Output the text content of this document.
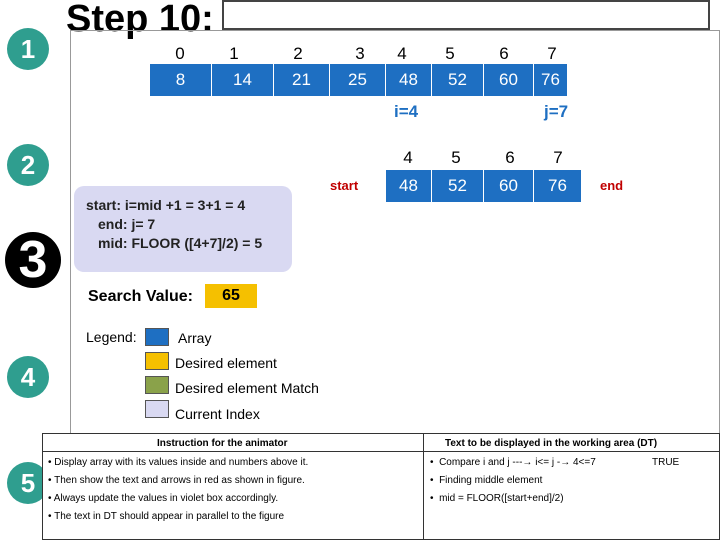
1
2
3
4
5
Step 10:
0	1	2	3	4	5	6	7
8	14	21	25	48	52	60	76
i=4	j=7
4	5	6	7
start	48	52	60	76	end
start: i=mid +1 = 3+1 = 4
end: j= 7
mid: FLOOR ([4+7]/2) = 5
Search Value:	65
Legend:	Array
Desired element
Desired element Match
Current Index
Instruction for the animator
• Display array with its values inside and numbers above it.
• Then show the text and arrows in red as shown in figure.
• Always update the values in violet box accordingly.
• The text in DT should appear in parallel to the figure
Text to be displayed in the working area (DT)
•  Compare i and j ---→ i<= j -→ 4<=7	TRUE
•  Finding middle element
•  mid = FLOOR([start+end]/2)
